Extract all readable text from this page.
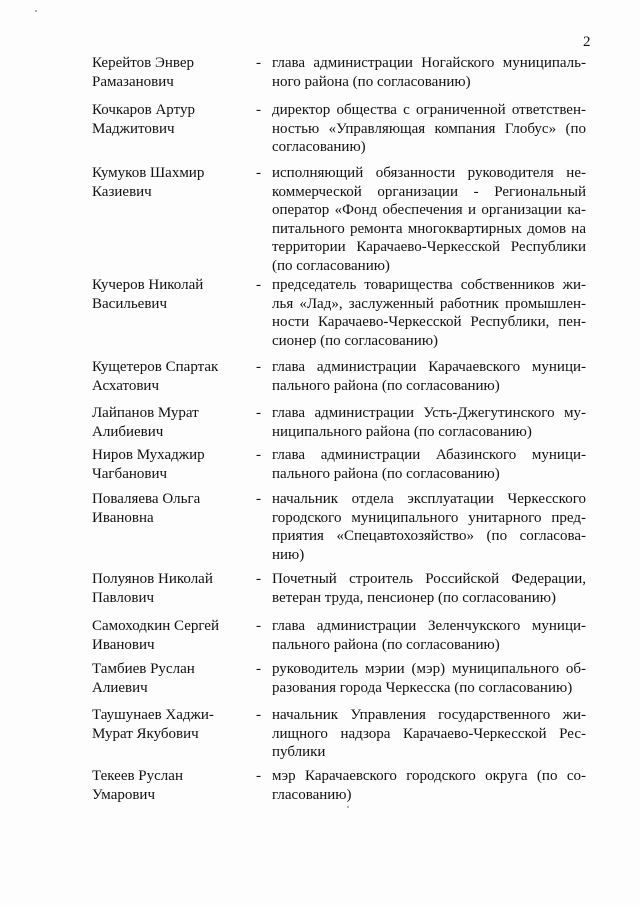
2
Керейтов Энвер
Рамазанович
- глава администрации Ногайского муниципаль-
ного района (по согласованию)
Кочкаров Артур
Маджитович
- директор общества с ограниченной ответствен-
ностью «Управляющая компания Глобус» (по
согласованию)
Кумуков Шахмир
Казиевич
- исполняющий обязанности руководителя не-
коммерческой организации - Региональный
оператор «Фонд обеспечения и организации ка-
питального ремонта многоквартирных домов на
территории Карачаево-Черкесской Республики
(по согласованию)
Кучеров Николай
Васильевич
- председатель товарищества собственников жи-
лья «Лад», заслуженный работник промышлен-
ности Карачаево-Черкесской Республики, пен-
сионер (по согласованию)
Кущетеров Спартак
Асхатович
- глава администрации Карачаевского муници-
пального района (по согласованию)
Лайпанов Мурат
Алибиевич
- глава администрации Усть-Джегутинского му-
ниципального района (по согласованию)
Ниров Мухаджир
Чагбанович
- глава администрации Абазинского муници-
пального района (по согласованию)
Поваляева Ольга
Ивановна
- начальник отдела эксплуатации Черкесского
городского муниципального унитарного пред-
приятия «Спецавтохозяйство» (по согласова-
нию)
Полуянов Николай
Павлович
- Почетный строитель Российской Федерации,
ветеран труда, пенсионер (по согласованию)
Самоходкин Сергей
Иванович
- глава администрации Зеленчукского муници-
пального района (по согласованию)
Тамбиев Руслан
Алиевич
- руководитель мэрии (мэр) муниципального об-
разования города Черкесска (по согласованию)
Таушунаев Хаджи-
Мурат Якубович
- начальник Управления государственного жи-
лищного надзора Карачаево-Черкесской Рес-
публики
Текеев Руслан
Умарович
- мэр Карачаевского городского округа (по со-
гласованию)
